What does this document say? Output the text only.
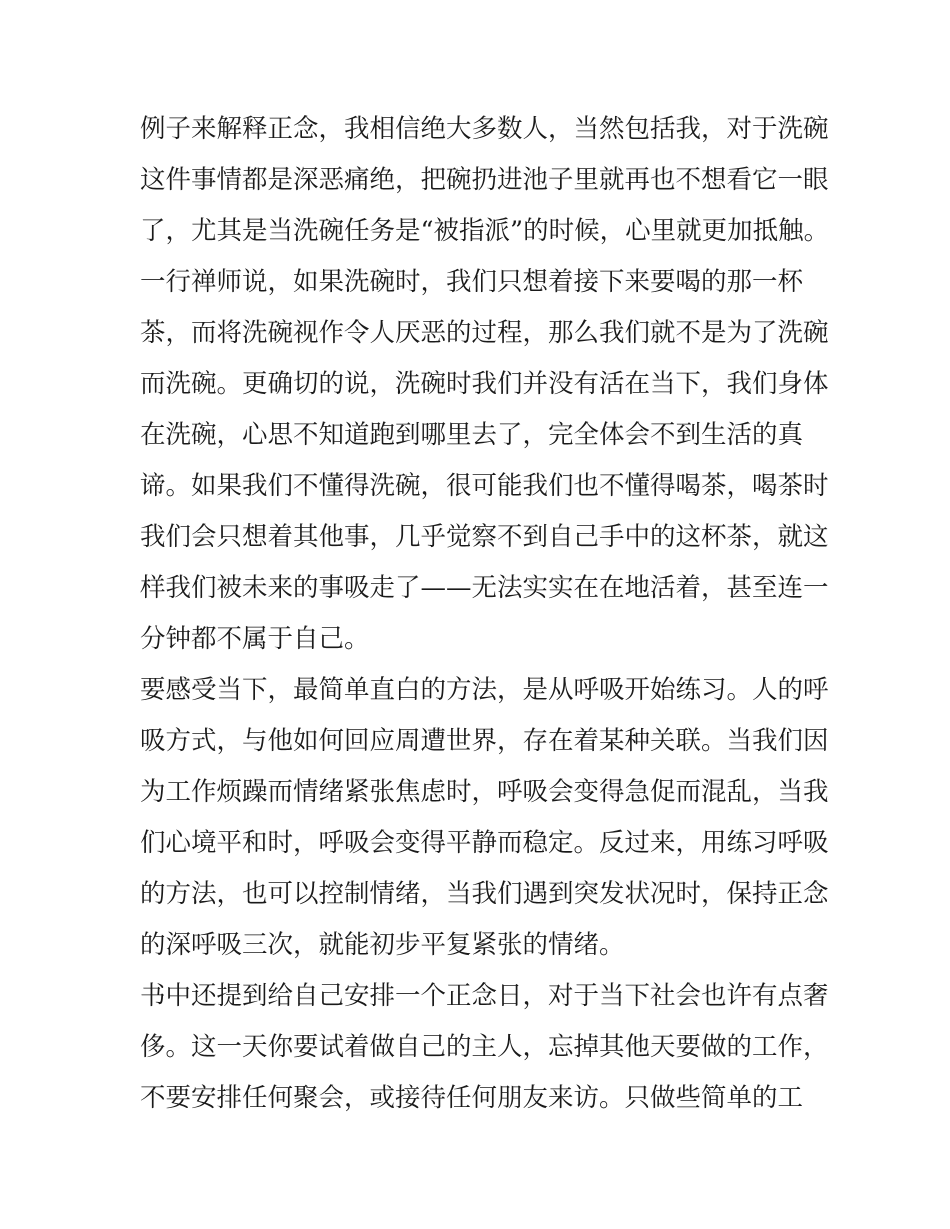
例子来解释正念，我相信绝大多数人，当然包括我，对于洗碗
这件事情都是深恶痛绝，把碗扔进池子里就再也不想看它一眼
了，尤其是当洗碗任务是“被指派”的时候，心里就更加抵触。
一行禅师说，如果洗碗时，我们只想着接下来要喝的那一杯
茶，而将洗碗视作令人厌恶的过程，那么我们就不是为了洗碗
而洗碗。更确切的说，洗碗时我们并没有活在当下，我们身体
在洗碗，心思不知道跑到哪里去了，完全体会不到生活的真
谛。如果我们不懂得洗碗，很可能我们也不懂得喝茶，喝茶时
我们会只想着其他事，几乎觉察不到自己手中的这杯茶，就这
样我们被未来的事吸走了——无法实实在在地活着，甚至连一
分钟都不属于自己。
要感受当下，最简单直白的方法，是从呼吸开始练习。人的呼
吸方式，与他如何回应周遭世界，存在着某种关联。当我们因
为工作烦躁而情绪紧张焦虑时，呼吸会变得急促而混乱，当我
们心境平和时，呼吸会变得平静而稳定。反过来，用练习呼吸
的方法，也可以控制情绪，当我们遇到突发状况时，保持正念
的深呼吸三次，就能初步平复紧张的情绪。
书中还提到给自己安排一个正念日，对于当下社会也许有点奢
侈。这一天你要试着做自己的主人，忘掉其他天要做的工作，
不要安排任何聚会，或接待任何朋友来访。只做些简单的工
